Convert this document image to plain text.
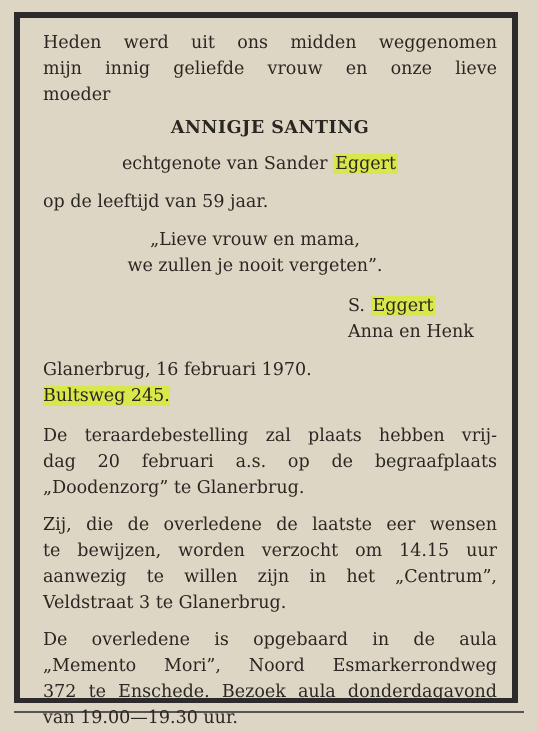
Heden werd uit ons midden weggenomen
mijn innig geliefde vrouw en onze lieve
moeder
ANNIGJE SANTING
echtgenote van Sander Eggert
op de leeftijd van 59 jaar.
„Lieve vrouw en mama,
we zullen je nooit vergeten”.
S. Eggert
Anna en Henk
Glanerbrug, 16 februari 1970.
Bultsweg 245.
De teraardebestelling zal plaats hebben vrij-
dag 20 februari a.s. op de begraafplaats
„Doodenzorg” te Glanerbrug.
Zij, die de overledene de laatste eer wensen
te bewijzen, worden verzocht om 14.15 uur
aanwezig te willen zijn in het „Centrum”,
Veldstraat 3 te Glanerbrug.
De overledene is opgebaard in de aula
„Memento Mori”, Noord Esmarkerrondweg
372 te Enschede. Bezoek aula donderdagavond
van 19.00—19.30 uur.
